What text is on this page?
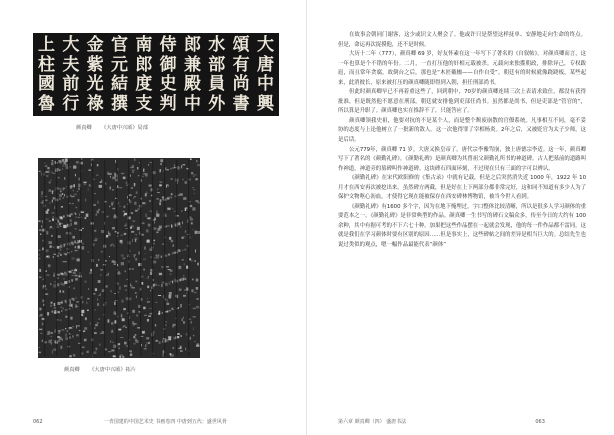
大
唐
中
興
頌
有
尚
書
水
部
員
外
郎
兼
殿
中
侍
御
史
判
南
郎
度
支
官
元
結
撰
金
紫
光
祿
大
夫
前
行
上
柱
國
魯
颜真卿 《大唐中兴颂》局部
颜真卿 《大唐中兴颂》拓片
062	一青国建的中国艺术史 书画卷四 中唐到五代：盛世风骨

在故事会朝同门谢客，这少或识文人聚会了。他或许只是帮望这样抚单、安静地走向生命的终点。但是，命运再次捉摸他，还不是时候。

大历十二年（777），颜真卿 69 岁，好友怀素在这一年写下了著名的《自叙帖》。对颜真卿而言，这一年也算是个不错的年份。二月，一直打压他的奸相元载被杀。元载向来独揽朝政，排除异己，专权跋扈，而且常年贪腐，故倒台之后，那也是“木匠戴枷——自作自受”。朝廷有的时候就像跷跷板，某些起来，此消彼长，原来被打压的颜真卿随即得到入朝，担任刑部尚书。

但此时颜真卿早已不再着重这些了，回到朝中，70岁的颜真卿连续三次上表请求致仕，都没有获得批准，但是既然他不愿意在刑部，朝廷就安排他到吏部任尚书。虽然都是尚书，但是吏部是“管官的”，所以算是升职了。颜真卿也实在推辞不了，只能答应了。

颜真卿领我史祖，他要对抗的不是某个人，而是整个颓废崩散的官僚系统。凡事相互不同，毫不妥协的态度与上论他树立了一批新的敌人。这一次他得罪了宰相杨炎。2年之后，又被贬官为太子少师，这是后话。

公元779年，颜真卿 71 岁。大唐又换皇帝了，唐代宗李豫驾崩，独上唐德宗李适。这一年，颜真卿写下了著名的《颜勤礼碑》。《颜勤礼碑》是颜真卿为其曾祖父颜勤礼所书的神道碑。古人把墓前的道路叫作神道，神道旁的墓碑叫作神道碑。这块碑石四面环刻，不过现在只有三面的字可以辨认。

《颜勤礼碑》在宋代欧阳修的《集古录》中就有记载，但是之后突然消失近 1000 年，1922 年 10 月才在西安再次被挖出来。虽然碑方两截，但是好在上下两部分都非常完好，这和同不知道有多少人为了保护文物呕心沥血，才使得它现在能被保存在西安碑林博物馆，被当今世人看到。

《颜勤礼碑》有1600 多个字，因为在地下掩埋过，字口整体比较清晰，所以是很多人学习颜体的重要范本之一。《颜勤礼碑》是非常典型的作品。颜真卿一生书写的碑石文稿众多，传至今日的大约有 100 余种，其中有据可考的不下六七十种。加果把这些作品摆在一起就会发现，他的每一件作品都不雷同。这就是我们在学习颜体时要有区别的原因……但是事实上，这些碑帖之间的差异是相当巨大的。总结先生也说过类似的观点，嗯一幅作品最能代表“颜体”

第六章 颜真卿（四） 盛唐书法	063
